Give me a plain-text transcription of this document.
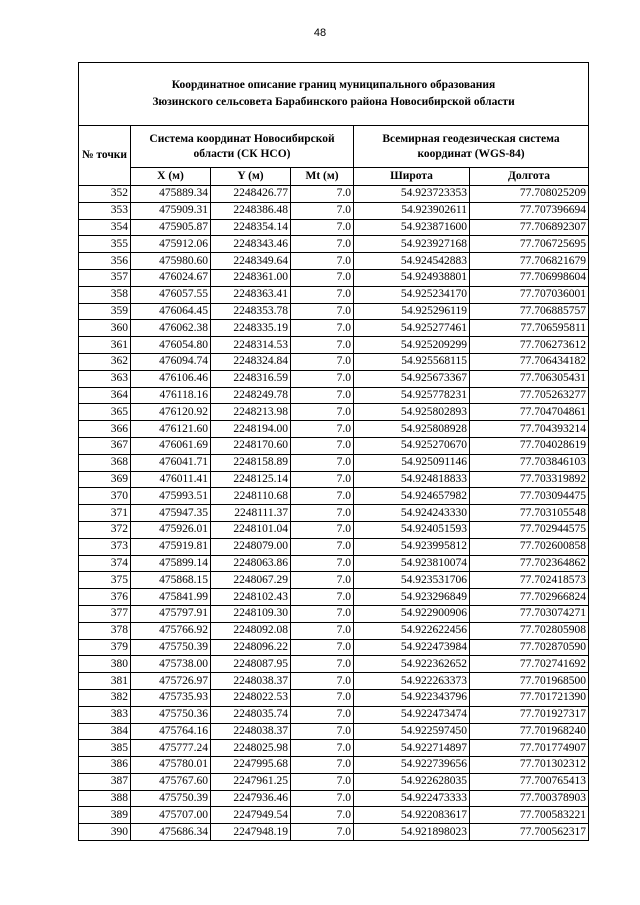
48
Координатное описание границ муниципального образования
Зюзинского сельсовета Барабинского района Новосибирской области					

№ точки	Система координат Новосибирской области (СК НСО)			Всемирная геодезическая система координат (WGS-84)	
	X (м)	Y (м)	Mt (м)	Широта	Долгота
352	475889.34	2248426.77	7.0	54.923723353	77.708025209
353	475909.31	2248386.48	7.0	54.923902611	77.707396694
354	475905.87	2248354.14	7.0	54.923871600	77.706892307
355	475912.06	2248343.46	7.0	54.923927168	77.706725695
356	475980.60	2248349.64	7.0	54.924542883	77.706821679
357	476024.67	2248361.00	7.0	54.924938801	77.706998604
358	476057.55	2248363.41	7.0	54.925234170	77.707036001
359	476064.45	2248353.78	7.0	54.925296119	77.706885757
360	476062.38	2248335.19	7.0	54.925277461	77.706595811
361	476054.80	2248314.53	7.0	54.925209299	77.706273612
362	476094.74	2248324.84	7.0	54.925568115	77.706434182
363	476106.46	2248316.59	7.0	54.925673367	77.706305431
364	476118.16	2248249.78	7.0	54.925778231	77.705263277
365	476120.92	2248213.98	7.0	54.925802893	77.704704861
366	476121.60	2248194.00	7.0	54.925808928	77.704393214
367	476061.69	2248170.60	7.0	54.925270670	77.704028619
368	476041.71	2248158.89	7.0	54.925091146	77.703846103
369	476011.41	2248125.14	7.0	54.924818833	77.703319892
370	475993.51	2248110.68	7.0	54.924657982	77.703094475
371	475947.35	2248111.37	7.0	54.924243330	77.703105548
372	475926.01	2248101.04	7.0	54.924051593	77.702944575
373	475919.81	2248079.00	7.0	54.923995812	77.702600858
374	475899.14	2248063.86	7.0	54.923810074	77.702364862
375	475868.15	2248067.29	7.0	54.923531706	77.702418573
376	475841.99	2248102.43	7.0	54.923296849	77.702966824
377	475797.91	2248109.30	7.0	54.922900906	77.703074271
378	475766.92	2248092.08	7.0	54.922622456	77.702805908
379	475750.39	2248096.22	7.0	54.922473984	77.702870590
380	475738.00	2248087.95	7.0	54.922362652	77.702741692
381	475726.97	2248038.37	7.0	54.922263373	77.701968500
382	475735.93	2248022.53	7.0	54.922343796	77.701721390
383	475750.36	2248035.74	7.0	54.922473474	77.701927317
384	475764.16	2248038.37	7.0	54.922597450	77.701968240
385	475777.24	2248025.98	7.0	54.922714897	77.701774907
386	475780.01	2247995.68	7.0	54.922739656	77.701302312
387	475767.60	2247961.25	7.0	54.922628035	77.700765413
388	475750.39	2247936.46	7.0	54.922473333	77.700378903
389	475707.00	2247949.54	7.0	54.922083617	77.700583221
390	475686.34	2247948.19	7.0	54.921898023	77.700562317
